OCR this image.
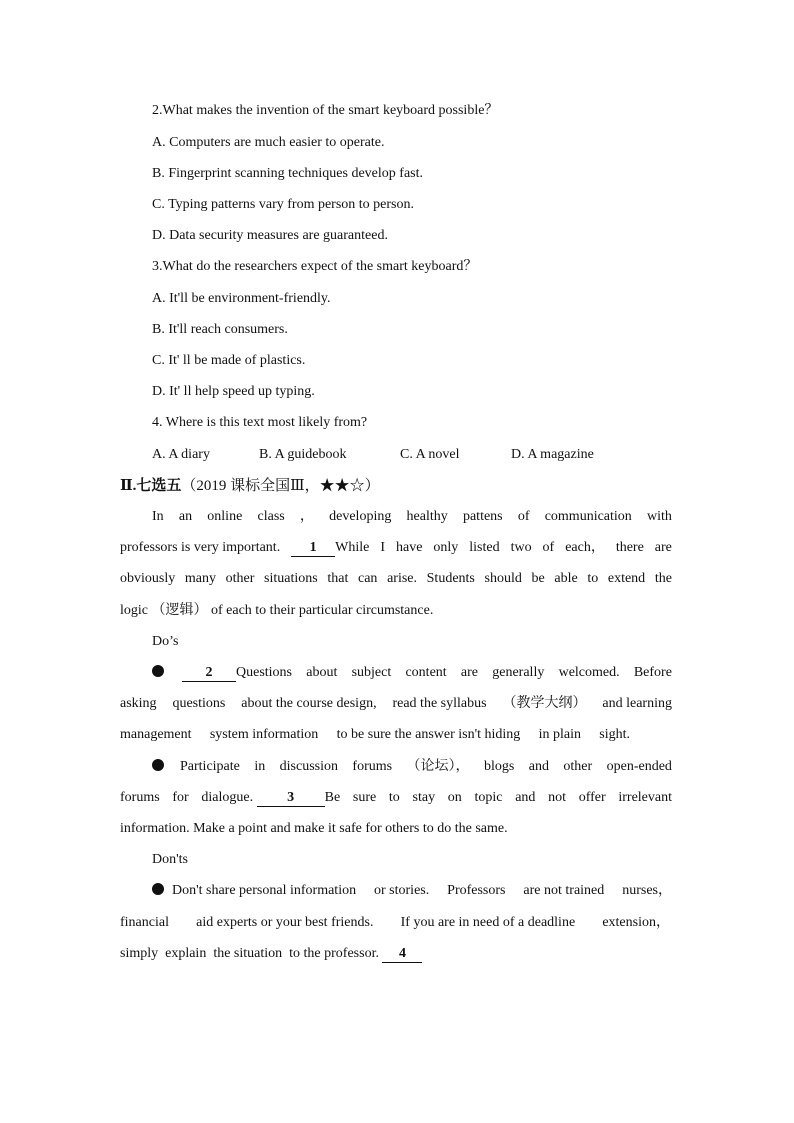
2.What makes the invention of the smart keyboard possible？
A. Computers are much easier to operate.
B. Fingerprint scanning techniques develop fast.
C. Typing patterns vary from person to person.
D. Data security measures are guaranteed.
3.What do the researchers expect of the smart keyboard？
A. It'll be environment-friendly.
B. It'll reach consumers.
C. It' ll be made of plastics.
D. It' ll help speed up typing.
4. Where is this text most likely from?
A. A diary	B. A guidebook	C. A novel	D. A magazine
Ⅱ.七选五（2019 课标全国Ⅲ，★★☆）
In an online class ， developing healthy pattens of communication with
professors is very important.	1 While I have only listed two of each， there are
obviously many other situations that can arise. Students should be able to extend the
logic （逻辑） of each to their particular circumstance.
Do’s
2 Questions about subject content are generally welcomed. Before
asking questions about the course design, read the syllabus （教学大纲） and learning
management system information to be sure the answer isn't hiding in plain sight.
Participate in discussion forums （论坛）， blogs and other open-ended
forums for dialogue. 3 Be sure to stay on topic and not offer irrelevant
information. Make a point and make it safe for others to do the same.
Don'ts
Don't share personal information or stories. Professors are not trained nurses，
financial aid experts or your best friends. If you are in need of a deadline extension，
simply  explain  the situation  to the professor. 4
